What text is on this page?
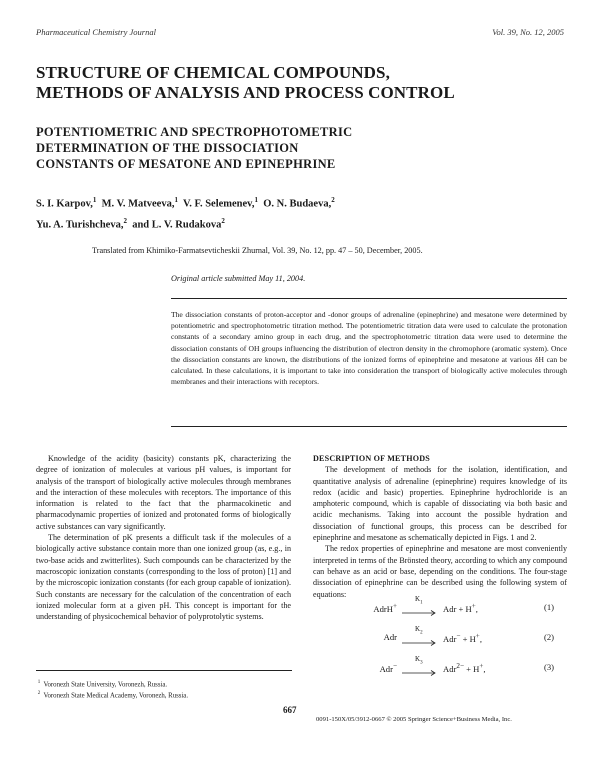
Pharmaceutical Chemistry Journal	Vol. 39, No. 12, 2005
STRUCTURE OF CHEMICAL COMPOUNDS,
METHODS OF ANALYSIS AND PROCESS CONTROL
POTENTIOMETRIC AND SPECTROPHOTOMETRIC
DETERMINATION OF THE DISSOCIATION
CONSTANTS OF MESATONE AND EPINEPHRINE
S. I. Karpov,$^1$ M. V. Matveeva,$^1$ V. F. Selemenev,$^1$ O. N. Budaeva,$^2$
Yu. A. Turishcheva,$^2$ and L. V. Rudakova$^2$
Translated from Khimiko-Farmatsevticheskii Zhurnal, Vol. 39, No. 12, pp. 47 – 50, December, 2005.
Original article submitted May 11, 2004.
The dissociation constants of proton-acceptor and -donor groups of adrenaline (epinephrine) and mesatone were determined by potentiometric and spectrophotometric titration method. The potentiometric titration data were used to calculate the protonation constants of a secondary amino group in each drug, and the spectrophotometric titration data were used to determine the dissociation constants of OH groups influencing the distribution of electron density in the chromophore (aromatic system). Once the dissociation constants are known, the distributions of the ionized forms of epinephrine and mesatone at various δH can be calculated. In these calculations, it is important to take into consideration the transport of biologically active molecules through membranes and their interactions with receptors.

Knowledge of the acidity (basicity) constants pK, characterizing the degree of ionization of molecules at various pH values, is important for analysis of the transport of biologically active molecules through membranes and the interaction of these molecules with receptors. The importance of this information is related to the fact that the pharmacokinetic and pharmacodynamic properties of ionized and protonated forms of biologically active substances can vary significantly.

The determination of pK presents a difficult task if the molecules of a biologically active substance contain more than one ionized group (as, e.g., in two-base acids and zwitterlites). Such compounds can be characterized by the macroscopic ionization constants (corresponding to the loss of proton) [1] and by the microscopic ionization constants (for each group capable of ionization). Such constants are necessary for the calculation of the concentration of each ionized molecular form at a given pH. This concept is important for the understanding of physicochemical behavior of polyprotolytic systems.

$^1$ Voronezh State University, Voronezh, Russia.
$^2$ Voronezh State Medical Academy, Voronezh, Russia.

DESCRIPTION OF METHODS

The development of methods for the isolation, identification, and quantitative analysis of adrenaline (epinephrine) requires knowledge of its redox (acidic and basic) properties. Epinephrine hydrochloride is an amphoteric compound, which is capable of dissociating via both basic and acidic mechanisms. Taking into account the possible hydration and dissociation of functional groups, this process can be described for epinephrine and mesatone as schematically depicted in Figs. 1 and 2.

The redox properties of epinephrine and mesatone are most conveniently interpreted in terms of the Brönsted theory, according to which any compound can behave as an acid or base, depending on the conditions. The four-stage dissociation of epinephrine can be described using the following system of equations:

AdrH+
$K_1$
Adr + H+,	(1)
Adr
$K_2$
Adr− + H+,	(2)
Adr−
$K_3$
Adr$^{2-}$ + H+,	(3)
667
0091-150X/05/3912-0667 © 2005 Springer Science+Business Media, Inc.
